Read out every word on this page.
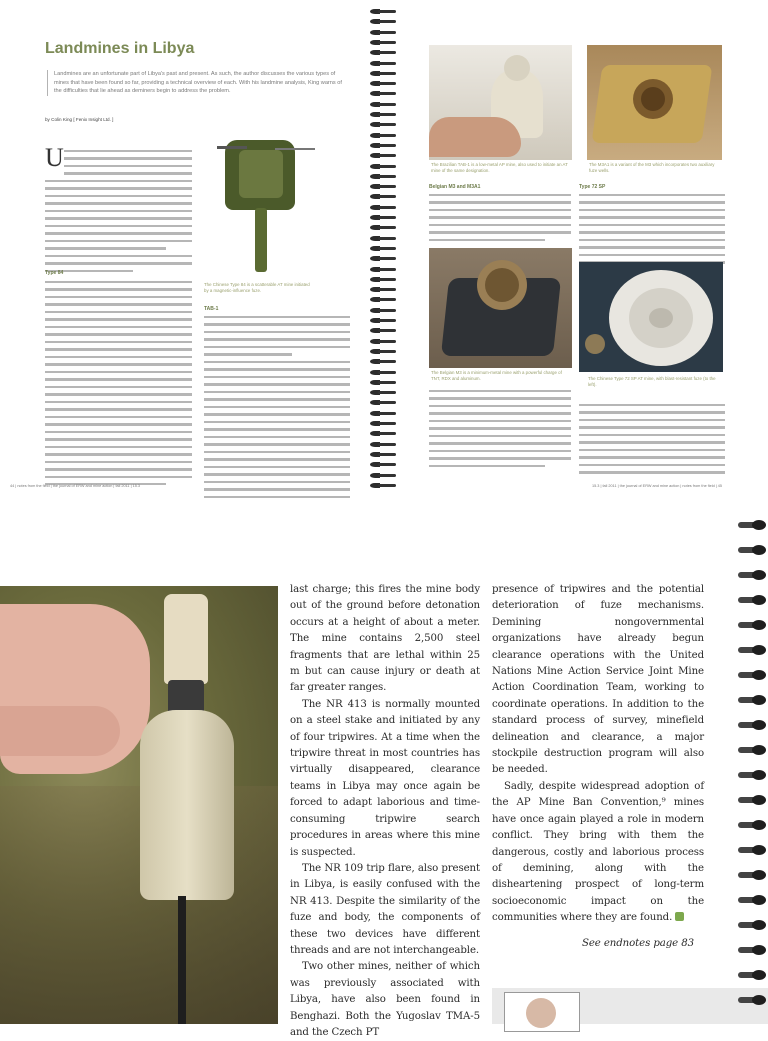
Landmines in Libya
Landmines are an unfortunate part of Libya's past and present. As such, the author discusses the various types of mines that have been found so far, providing a technical overview of each. With his landmine analysis, King warns of the difficulties that lie ahead as deminers begin to address the problem.
by Colin King [ Fenix Insight Ltd. ]
U
Type 84
The Chinese Type 84 is a scatterable AT mine initiated by a magnetic-influence fuze.
TAB-1
44 | notes from the field | the journal of ERW and mine action | fall 2011 | 15.3
The Brazilian TAB-1 is a low-metal AP mine, also used to initiate an AT mine of the same designation.
The M3A1 is a variant of the M3 which incorporates two auxiliary fuze wells.
Belgian M3 and M3A1	Type 72 SP
The Belgian M3 is a minimum-metal mine with a powerful charge of TNT, RDX and aluminum.	The Chinese Type 72 SP AT mine, with blast-resistant fuze (to the left).
15.3 | fall 2011 | the journal of ERW and mine action | notes from the field | 45

last charge; this fires the mine body out of the ground before detonation occurs at a height of about a meter. The mine contains 2,500 steel fragments that are lethal within 25 m but can cause injury or death at far greater ranges.

The NR 413 is normally mounted on a steel stake and initiated by any of four tripwires. At a time when the tripwire threat in most countries has virtually disappeared, clearance teams in Libya may once again be forced to adapt laborious and time-consuming tripwire search procedures in areas where this mine is suspected.

The NR 109 trip flare, also present in Libya, is easily confused with the NR 413. Despite the similarity of the fuze and body, the components of these two devices have different threads and are not interchangeable.

Two other mines, neither of which was previously associated with Libya, have also been found in Benghazi. Both the Yugoslav TMA-5 and the Czech PT

presence of tripwires and the potential deterioration of fuze mechanisms. Demining nongovernmental organizations have already begun clearance operations with the United Nations Mine Action Service Joint Mine Action Coordination Team, working to coordinate operations. In addition to the standard process of survey, minefield delineation and clearance, a major stockpile destruction program will also be needed.

Sadly, despite widespread adoption of the AP Mine Ban Convention,⁹ mines have once again played a role in modern conflict. They bring with them the dangerous, costly and laborious process of demining, along with the disheartening prospect of long-term socioeconomic impact on the communities where they are found.

See endnotes page 83
